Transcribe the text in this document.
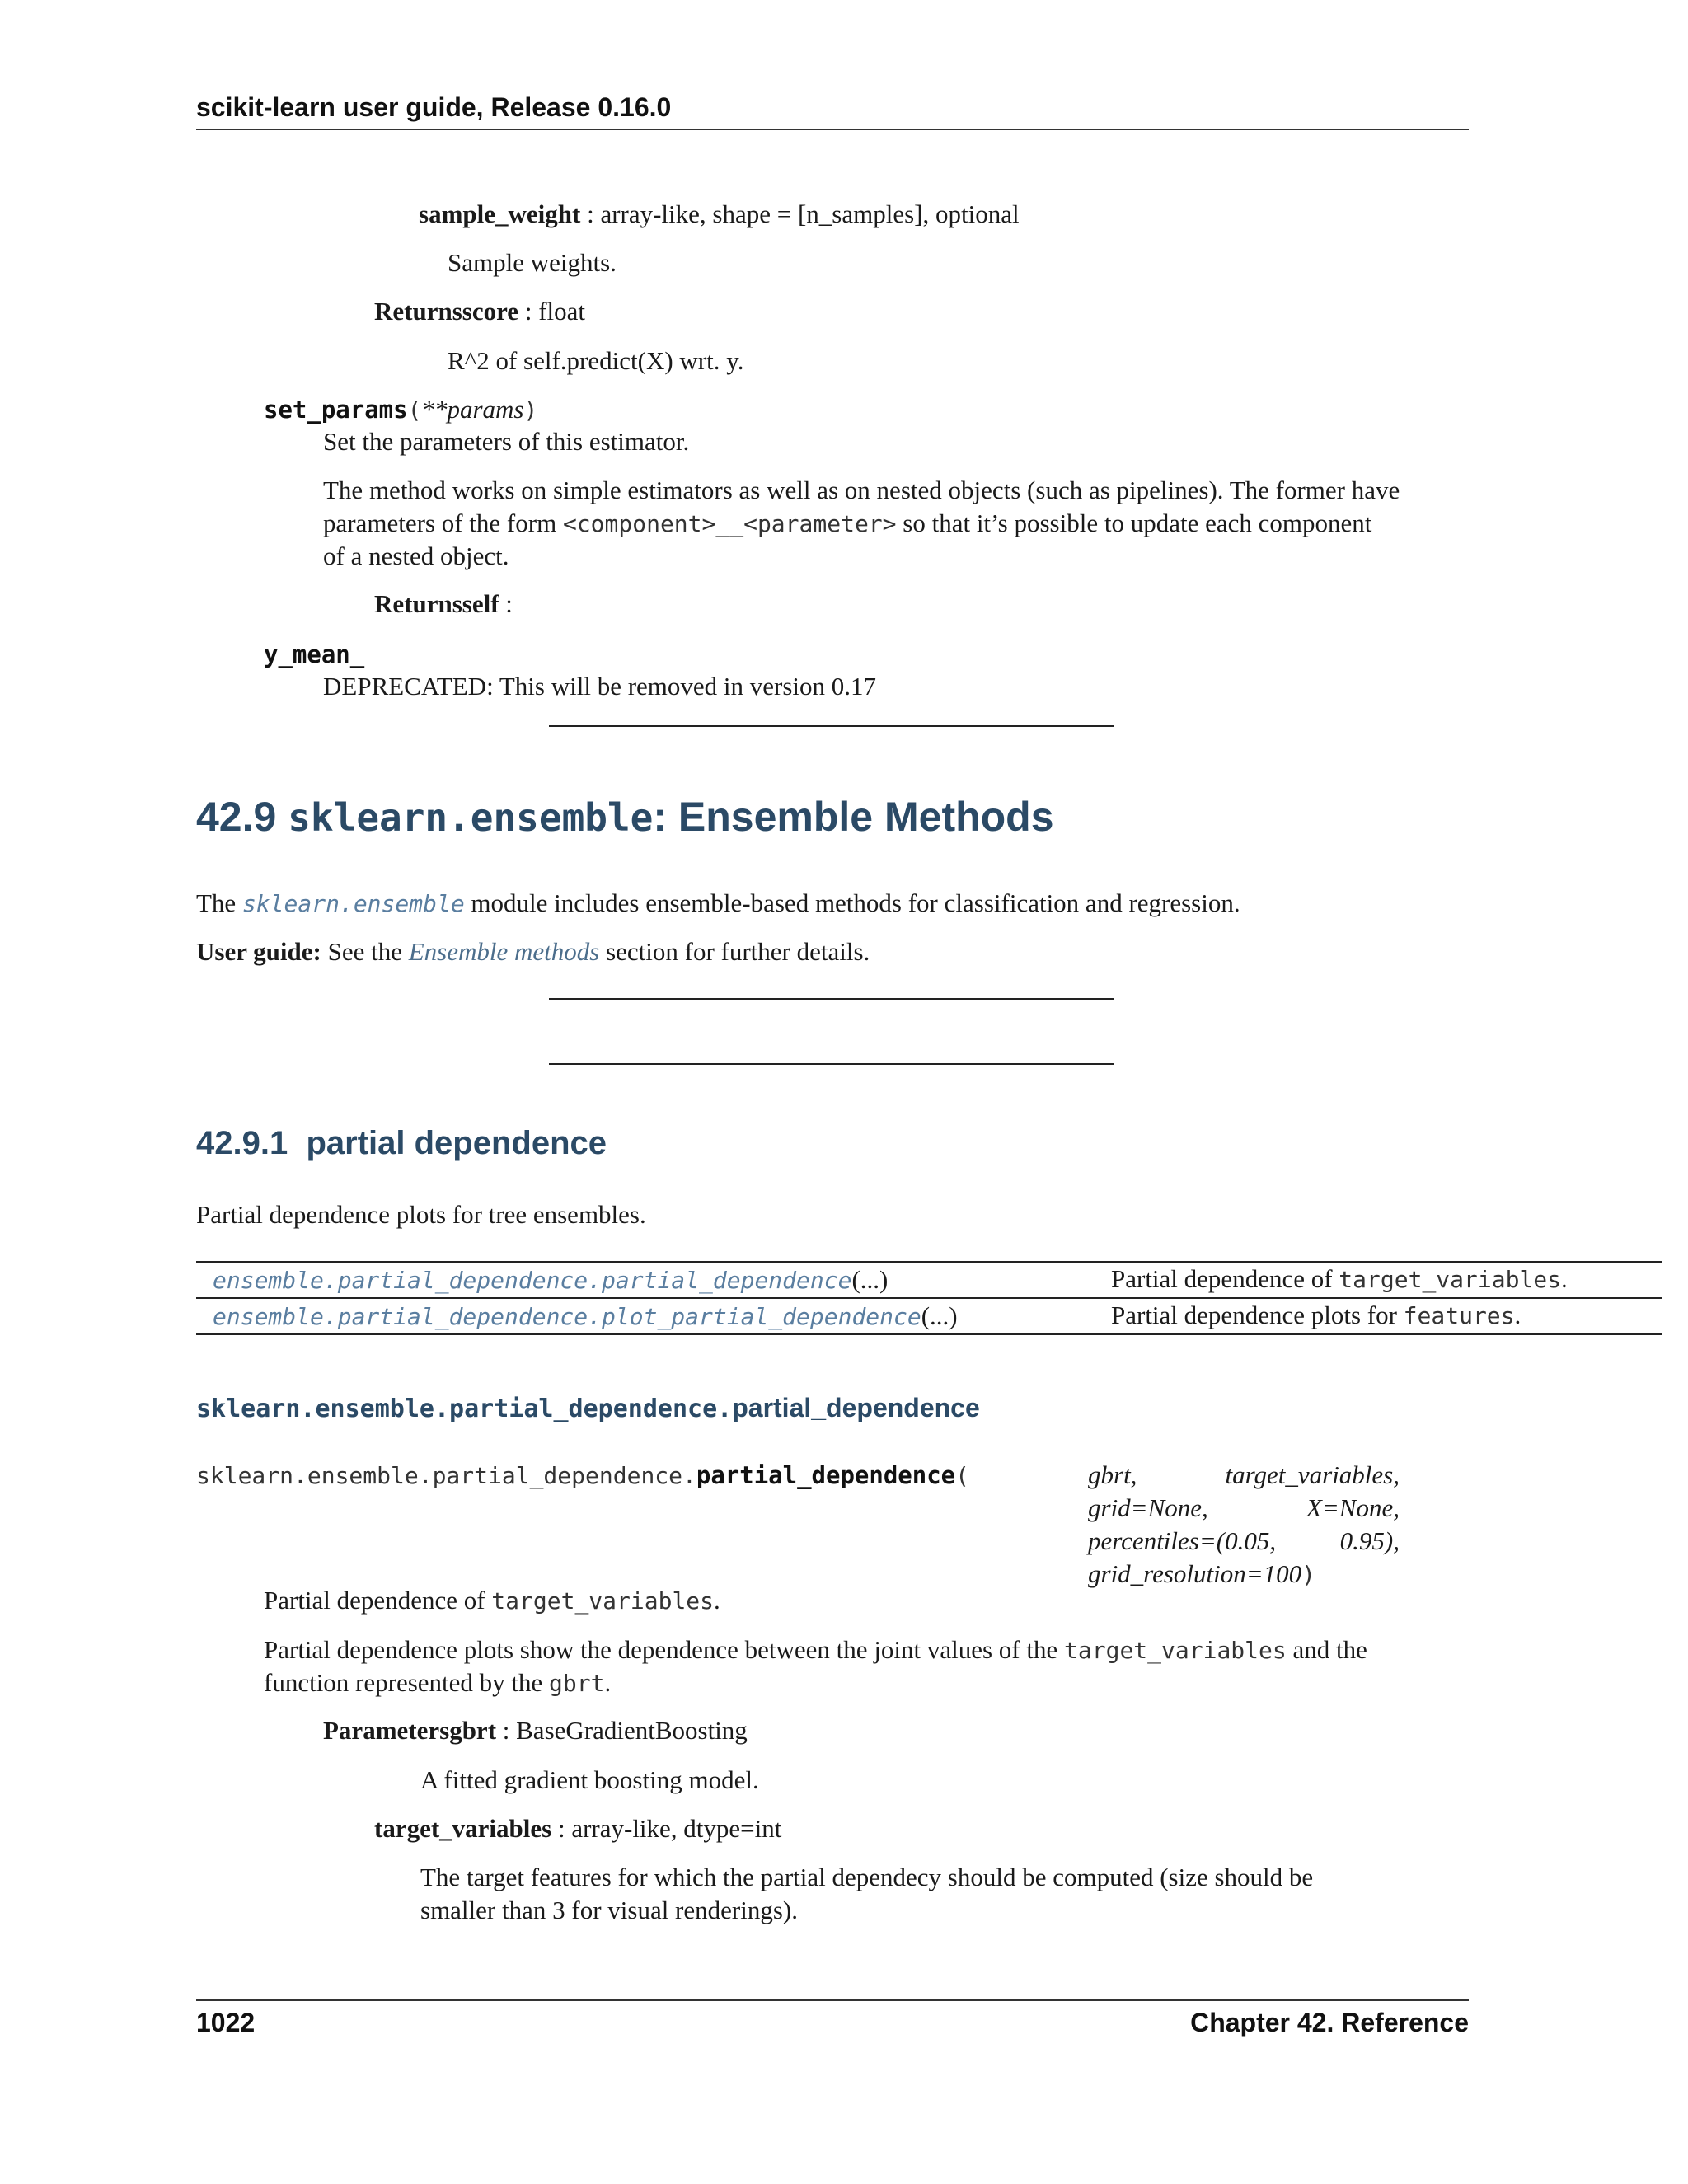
scikit-learn user guide, Release 0.16.0
sample_weight : array-like, shape = [n_samples], optional
Sample weights.
Returnsscore : float
R^2 of self.predict(X) wrt. y.
set_params(**params)
Set the parameters of this estimator.
The method works on simple estimators as well as on nested objects (such as pipelines). The former have
parameters of the form <component>__<parameter> so that it’s possible to update each component
of a nested object.
Returnsself :
y_mean_
DEPRECATED: This will be removed in version 0.17
42.9 sklearn.ensemble: Ensemble Methods
The sklearn.ensemble module includes ensemble-based methods for classification and regression.
User guide: See the Ensemble methods section for further details.
42.9.1 partial dependence
Partial dependence plots for tree ensembles.
ensemble.partial_dependence.partial_dependence(...)	Partial dependence of target_variables.
ensemble.partial_dependence.plot_partial_dependence(...)	Partial dependence plots for features.
sklearn.ensemble.partial_dependence.partial_dependence
sklearn.ensemble.partial_dependence.partial_dependence(	gbrt,	target_variables,
grid=None,	X=None,
percentiles=(0.05,	0.95),
grid_resolution=100)
Partial dependence of target_variables.
Partial dependence plots show the dependence between the joint values of the target_variables and the
function represented by the gbrt.
Parametersgbrt : BaseGradientBoosting
A fitted gradient boosting model.
target_variables : array-like, dtype=int
The target features for which the partial dependecy should be computed (size should be
smaller than 3 for visual renderings).
1022	Chapter 42. Reference
